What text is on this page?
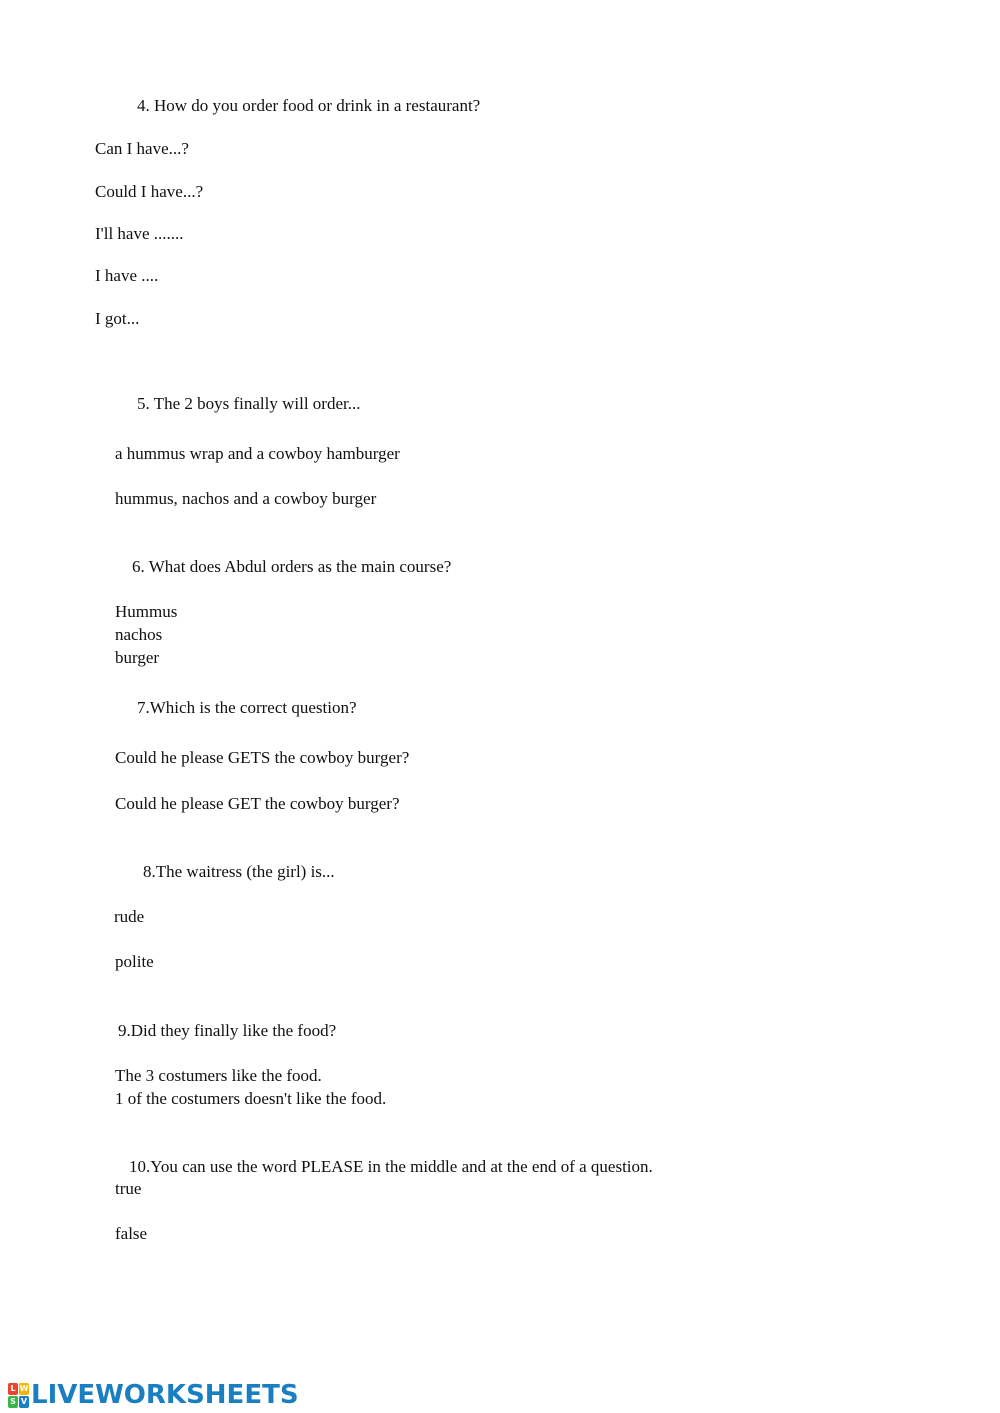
4. How do you order food or drink in a restaurant?

Can I have...?

Could I have...?

I'll have .......

I have ....

I got...

5. The 2 boys finally will order...

a hummus wrap and a cowboy hamburger

hummus, nachos and a cowboy burger

6. What does Abdul orders as the main course?

Hummus

nachos

burger

7.Which is the correct question?

Could he please GETS the cowboy burger?

Could he please GET the cowboy burger?

8.The waitress (the girl) is...

rude

polite

9.Did they finally like the food?

The 3 costumers like the food.

1 of the costumers doesn't like the food.

10.You can use the word PLEASE in the middle and at the end of a question.

true

false

L W
S V LIVEWORKSHEETS
